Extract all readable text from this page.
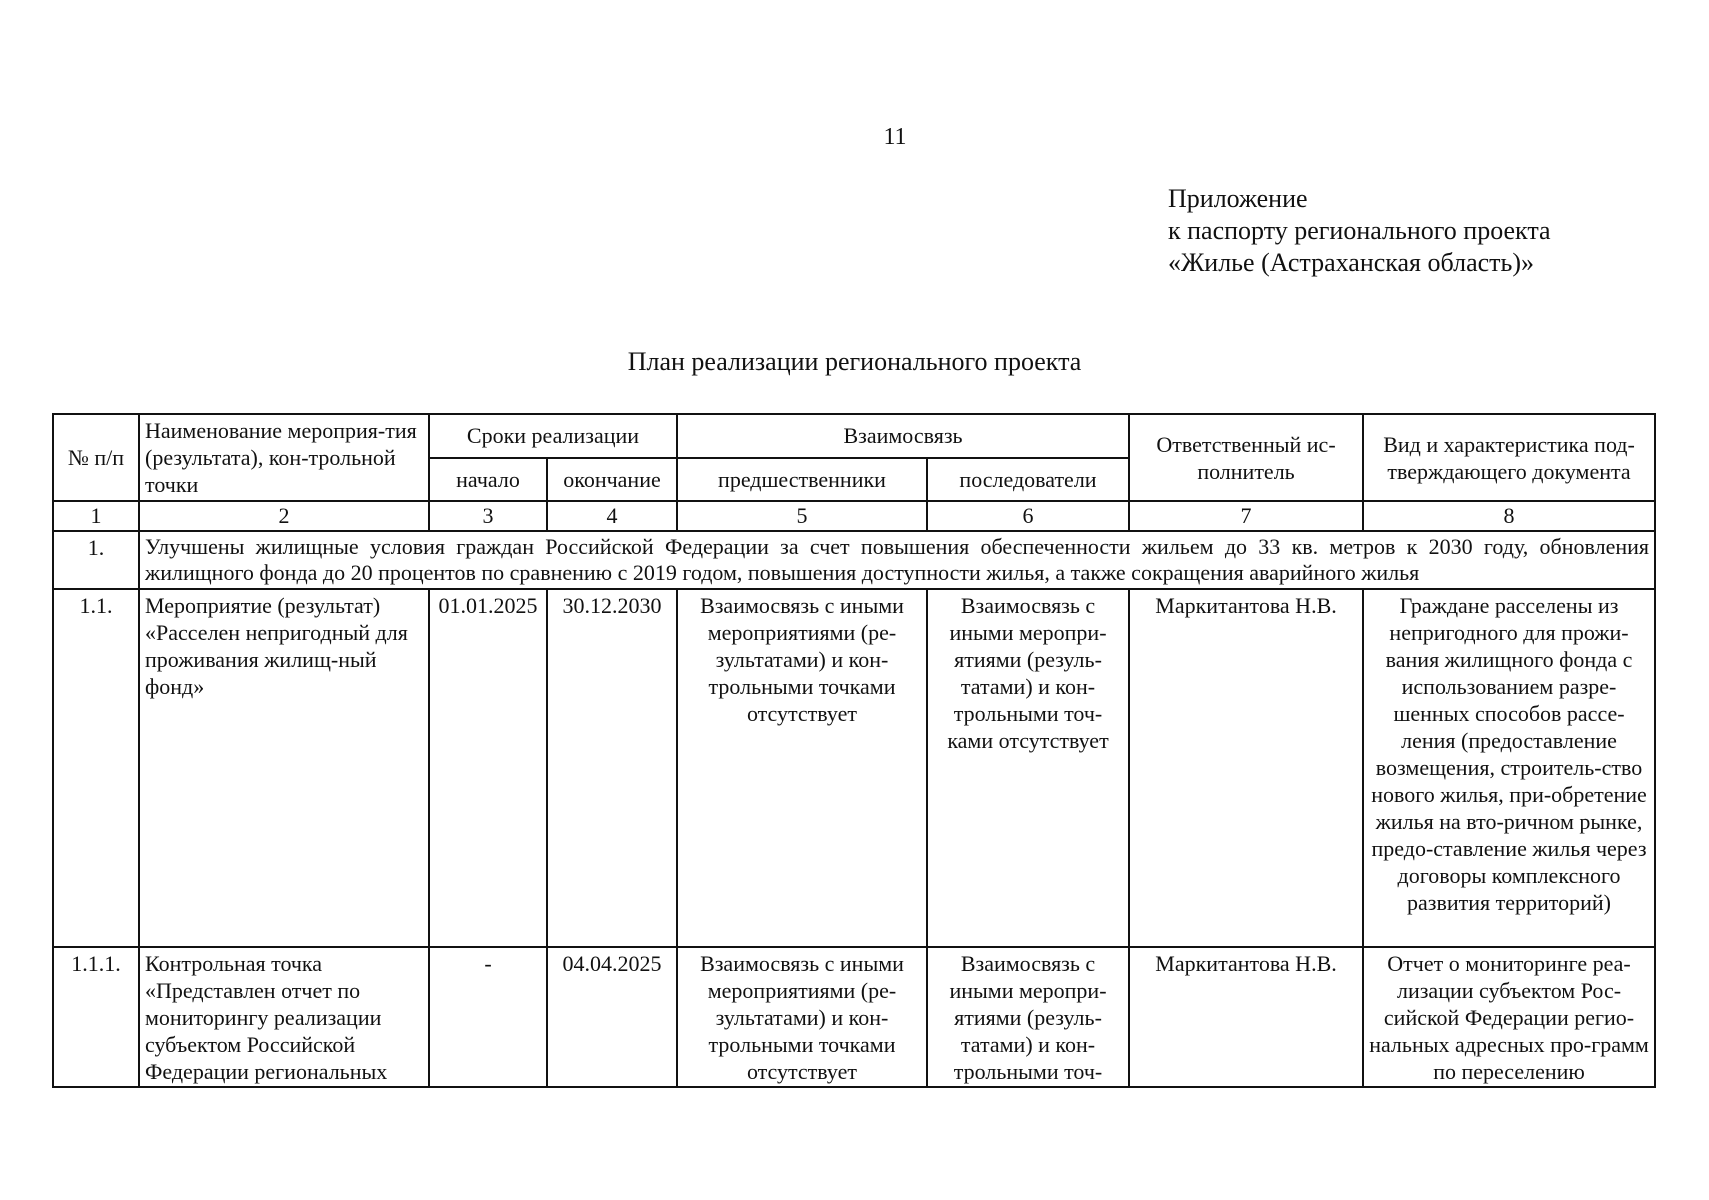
11
Приложение
к паспорту регионального проекта
«Жилье (Астраханская область)»
План реализации регионального проекта
№ п/п	Наименование мероприя-тия (результата), кон-трольной точки	Сроки реализации		Взаимосвязь		Ответственный ис-полнитель	Вид и характеристика под-тверждающего документа
		начало	окончание	предшественники	последователи		
1	2	3	4	5	6	7	8
1.	Улучшены жилищные условия граждан Российской Федерации за счет повышения обеспеченности жильем до 33 кв. метров к 2030 году, обновления жилищного фонда до 20 процентов по сравнению с 2019 годом, повышения доступности жилья, а также сокращения аварийного жилья						
1.1.	Мероприятие (результат) «Расселен непригодный для проживания жилищ-ный фонд»	01.01.2025	30.12.2030	Взаимосвязь с иными мероприятиями (ре-зультатами) и кон-трольными точками отсутствует	Взаимосвязь с иными меропри-ятиями (резуль-татами) и кон-трольными точ-ками отсутствует	Маркитантова Н.В.	Граждане расселены из непригодного для прожи-вания жилищного фонда с использованием разре-шенных способов рассе-ления (предоставление возмещения, строитель-ство нового жилья, при-обретение жилья на вто-ричном рынке, предо-ставление жилья через договоры комплексного развития территорий)

1.1.1.	Контрольная точка «Представлен отчет по мониторингу реализации субъектом Российской Федерации региональных	-	04.04.2025	Взаимосвязь с иными мероприятиями (ре-зультатами) и кон-трольными точками отсутствует	Взаимосвязь с иными меропри-ятиями (резуль-татами) и кон-трольными точ-	Маркитантова Н.В.	Отчет о мониторинге реа-лизации субъектом Рос-сийской Федерации регио-нальных адресных про-грамм по переселению
